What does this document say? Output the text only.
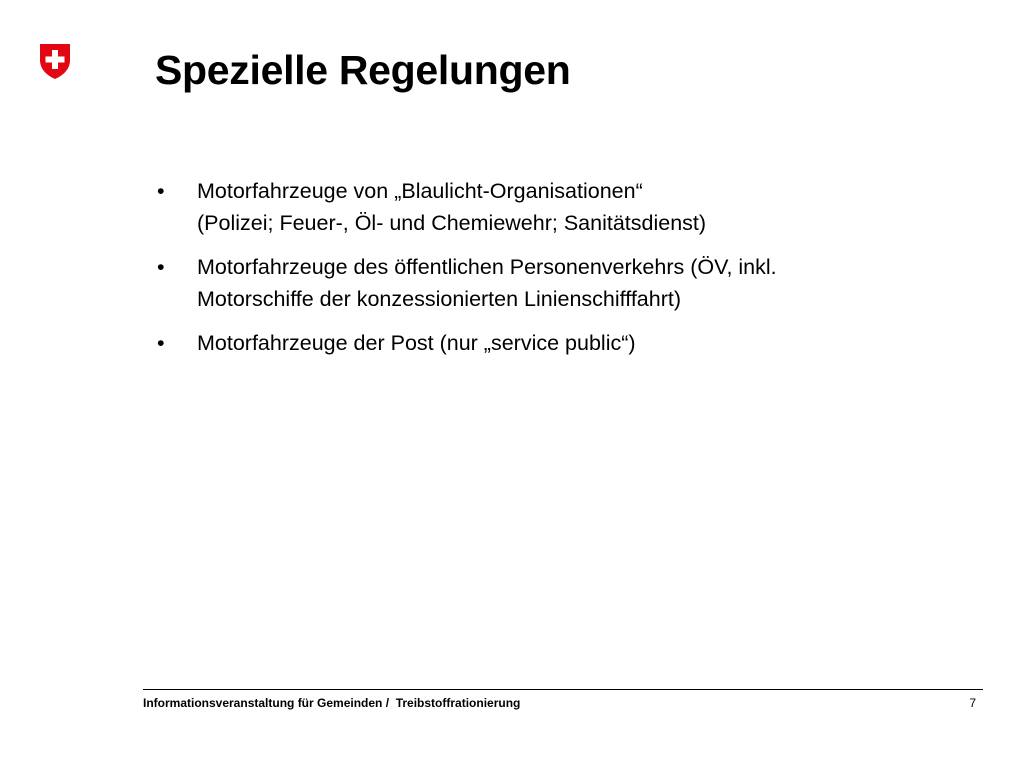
Spezielle Regelungen
• Motorfahrzeuge von „Blaulicht-Organisationen“
(Polizei; Feuer-, Öl- und Chemiewehr; Sanitätsdienst)
• Motorfahrzeuge des öffentlichen Personenverkehrs (ÖV, inkl.
Motorschiffe der konzessionierten Linienschifffahrt)
• Motorfahrzeuge der Post (nur „service public“)
Informationsveranstaltung für Gemeinden /  Treibstoffrationierung	7
